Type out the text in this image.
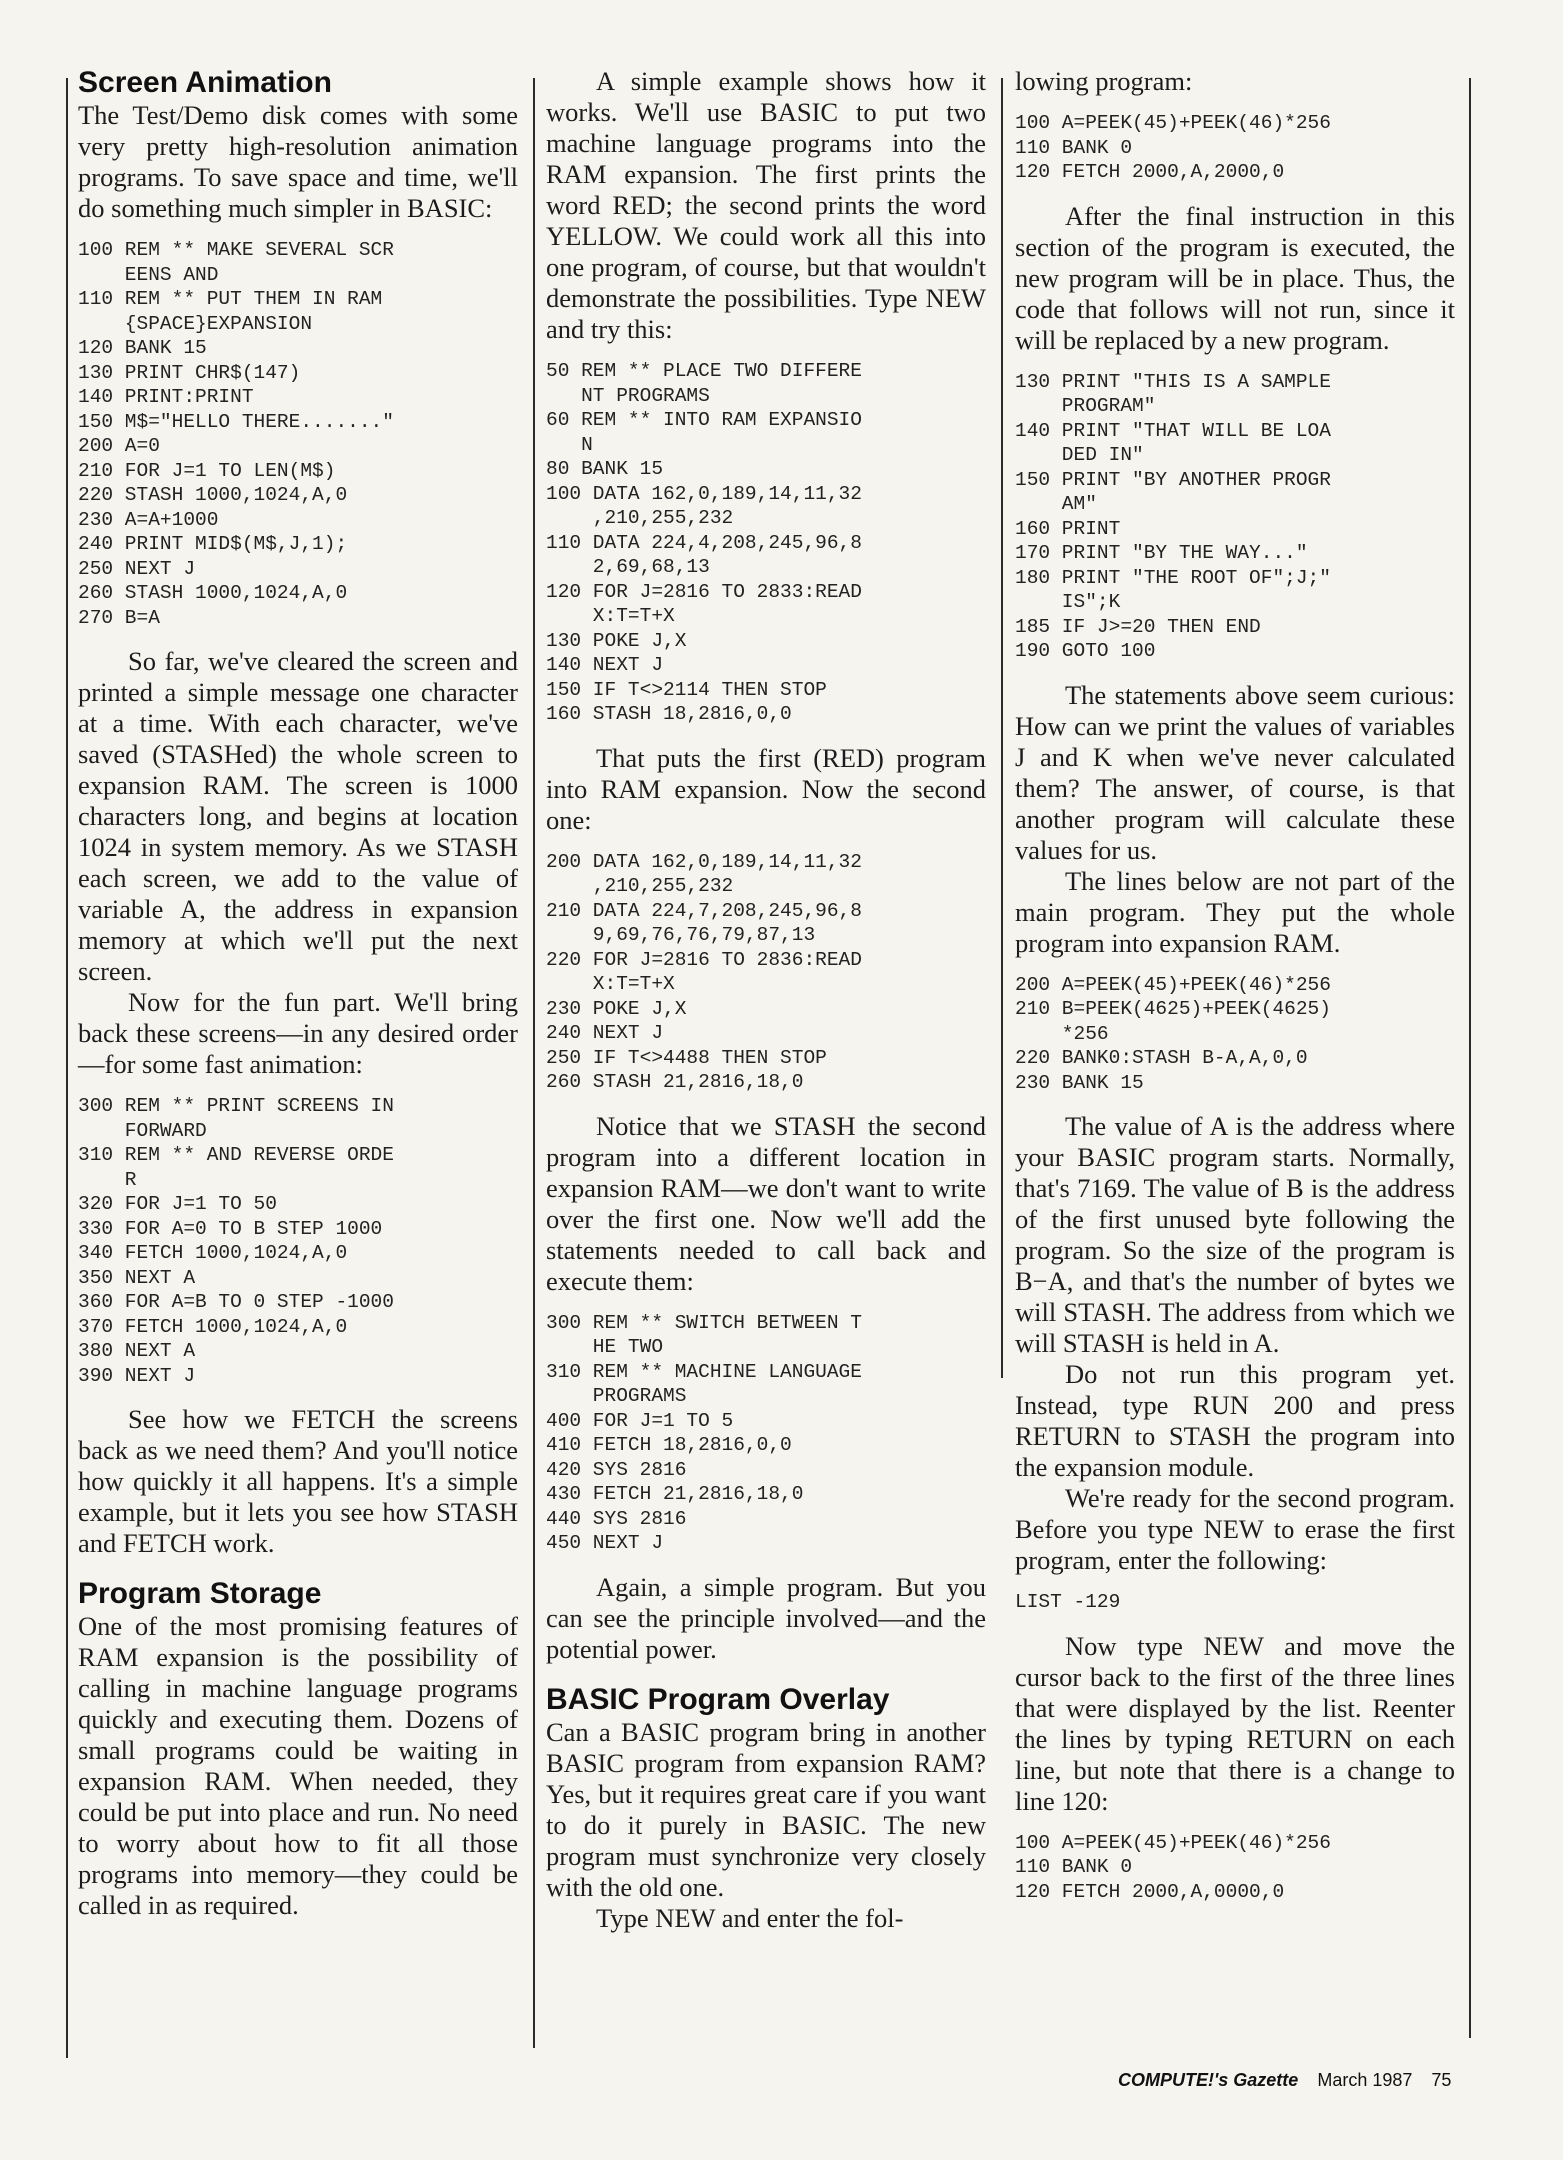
Screen Animation

The Test/Demo disk comes with some very pretty high-resolution animation programs. To save space and time, we'll do something much simpler in BASIC:

100 REM ** MAKE SEVERAL SCR
EENS AND
110 REM ** PUT THEM IN RAM
{SPACE}EXPANSION
120 BANK 15
130 PRINT CHR$(147)
140 PRINT:PRINT
150 M$="HELLO THERE......."
200 A=0
210 FOR J=1 TO LEN(M$)
220 STASH 1000,1024,A,0
230 A=A+1000
240 PRINT MID$(M$,J,1);
250 NEXT J
260 STASH 1000,1024,A,0
270 B=A

So far, we've cleared the screen and printed a simple message one character at a time. With each character, we've saved (STASHed) the whole screen to expansion RAM. The screen is 1000 characters long, and begins at location 1024 in system memory. As we STASH each screen, we add to the value of variable A, the address in expansion memory at which we'll put the next screen.

Now for the fun part. We'll bring back these screens—in any desired order—for some fast animation:

300 REM ** PRINT SCREENS IN
FORWARD
310 REM ** AND REVERSE ORDE
R
320 FOR J=1 TO 50
330 FOR A=0 TO B STEP 1000
340 FETCH 1000,1024,A,0
350 NEXT A
360 FOR A=B TO 0 STEP -1000
370 FETCH 1000,1024,A,0
380 NEXT A
390 NEXT J

See how we FETCH the screens back as we need them? And you'll notice how quickly it all happens. It's a simple example, but it lets you see how STASH and FETCH work.

Program Storage

One of the most promising features of RAM expansion is the possibility of calling in machine language programs quickly and executing them. Dozens of small programs could be waiting in expansion RAM. When needed, they could be put into place and run. No need to worry about how to fit all those programs into memory—they could be called in as required.

A simple example shows how it works. We'll use BASIC to put two machine language programs into the RAM expansion. The first prints the word RED; the second prints the word YELLOW. We could work all this into one program, of course, but that wouldn't demonstrate the possibilities. Type NEW and try this:

50 REM ** PLACE TWO DIFFERE
NT PROGRAMS
60 REM ** INTO RAM EXPANSIO
N
80 BANK 15
100 DATA 162,0,189,14,11,32
,210,255,232
110 DATA 224,4,208,245,96,8
2,69,68,13
120 FOR J=2816 TO 2833:READ
X:T=T+X
130 POKE J,X
140 NEXT J
150 IF T<>2114 THEN STOP
160 STASH 18,2816,0,0

That puts the first (RED) program into RAM expansion. Now the second one:

200 DATA 162,0,189,14,11,32
,210,255,232
210 DATA 224,7,208,245,96,8
9,69,76,76,79,87,13
220 FOR J=2816 TO 2836:READ
X:T=T+X
230 POKE J,X
240 NEXT J
250 IF T<>4488 THEN STOP
260 STASH 21,2816,18,0

Notice that we STASH the second program into a different location in expansion RAM—we don't want to write over the first one. Now we'll add the statements needed to call back and execute them:

300 REM ** SWITCH BETWEEN T
HE TWO
310 REM ** MACHINE LANGUAGE
PROGRAMS
400 FOR J=1 TO 5
410 FETCH 18,2816,0,0
420 SYS 2816
430 FETCH 21,2816,18,0
440 SYS 2816
450 NEXT J

Again, a simple program. But you can see the principle involved—and the potential power.

BASIC Program Overlay

Can a BASIC program bring in another BASIC program from expansion RAM? Yes, but it requires great care if you want to do it purely in BASIC. The new program must synchronize very closely with the old one.

Type NEW and enter the fol-

lowing program:

100 A=PEEK(45)+PEEK(46)*256
110 BANK 0
120 FETCH 2000,A,2000,0

After the final instruction in this section of the program is executed, the new program will be in place. Thus, the code that follows will not run, since it will be replaced by a new program.

130 PRINT "THIS IS A SAMPLE
PROGRAM"
140 PRINT "THAT WILL BE LOA
DED IN"
150 PRINT "BY ANOTHER PROGR
AM"
160 PRINT
170 PRINT "BY THE WAY..."
180 PRINT "THE ROOT OF";J;"
IS";K
185 IF J>=20 THEN END
190 GOTO 100

The statements above seem curious: How can we print the values of variables J and K when we've never calculated them? The answer, of course, is that another program will calculate these values for us.

The lines below are not part of the main program. They put the whole program into expansion RAM.

200 A=PEEK(45)+PEEK(46)*256
210 B=PEEK(4625)+PEEK(4625)
*256
220 BANK0:STASH B-A,A,0,0
230 BANK 15

The value of A is the address where your BASIC program starts. Normally, that's 7169. The value of B is the address of the first unused byte following the program. So the size of the program is B−A, and that's the number of bytes we will STASH. The address from which we will STASH is held in A.

Do not run this program yet. Instead, type RUN 200 and press RETURN to STASH the program into the expansion module.

We're ready for the second program. Before you type NEW to erase the first program, enter the following:

LIST -129

Now type NEW and move the cursor back to the first of the three lines that were displayed by the list. Reenter the lines by typing RETURN on each line, but note that there is a change to line 120:

100 A=PEEK(45)+PEEK(46)*256
110 BANK 0
120 FETCH 2000,A,0000,0
COMPUTE!'s Gazette March 1987 75
